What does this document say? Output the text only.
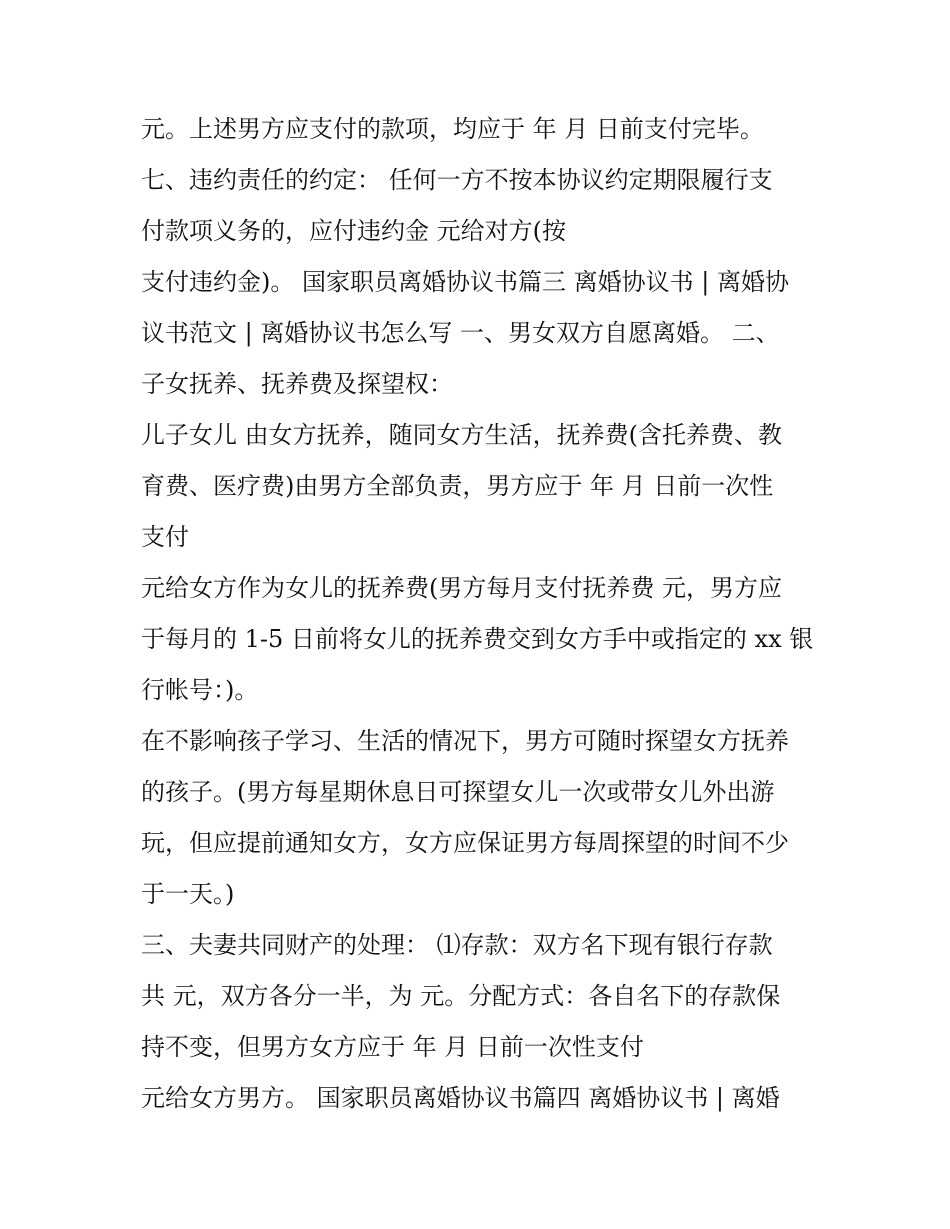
元。上述男方应支付的款项，均应于 年 月 日前支付完毕。
七、违约责任的约定： 任何一方不按本协议约定期限履行支
付款项义务的，应付违约金 元给对方(按
支付违约金)。 国家职员离婚协议书篇三 离婚协议书 | 离婚协
议书范文 | 离婚协议书怎么写 一、男女双方自愿离婚。 二、
子女抚养、抚养费及探望权：
儿子女儿 由女方抚养，随同女方生活，抚养费(含托养费、教
育费、医疗费)由男方全部负责，男方应于 年 月 日前一次性
支付
元给女方作为女儿的抚养费(男方每月支付抚养费 元，男方应
于每月的 1-5 日前将女儿的抚养费交到女方手中或指定的 xx 银
行帐号：)。
在不影响孩子学习、生活的情况下，男方可随时探望女方抚养
的孩子。(男方每星期休息日可探望女儿一次或带女儿外出游
玩，但应提前通知女方，女方应保证男方每周探望的时间不少
于一天。)
三、夫妻共同财产的处理： ⑴存款：双方名下现有银行存款
共 元，双方各分一半，为 元。分配方式：各自名下的存款保
持不变，但男方女方应于 年 月 日前一次性支付
元给女方男方。 国家职员离婚协议书篇四 离婚协议书 | 离婚
